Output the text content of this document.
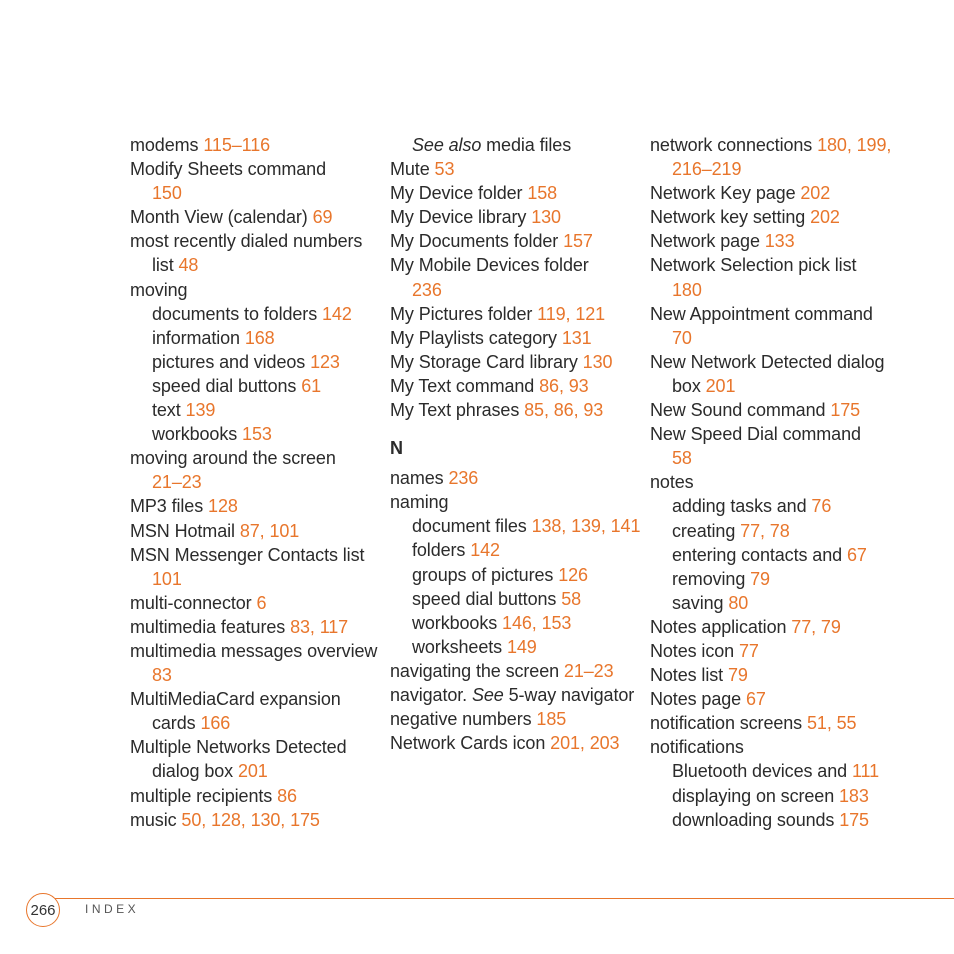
modems 115–116
Modify Sheets command
150
Month View (calendar) 69
most recently dialed numbers list 48
moving
documents to folders 142
information 168
pictures and videos 123
speed dial buttons 61
text 139
workbooks 153
moving around the screen
21–23
MP3 files 128
MSN Hotmail 87, 101
MSN Messenger Contacts list 101
multi-connector 6
multimedia features 83, 117
multimedia messages overview 83
MultiMediaCard expansion cards 166
Multiple Networks Detected dialog box 201
multiple recipients 86
music 50, 128, 130, 175
See also media files
Mute 53
My Device folder 158
My Device library 130
My Documents folder 157
My Mobile Devices folder
236
My Pictures folder 119, 121
My Playlists category 131
My Storage Card library 130
My Text command 86, 93
My Text phrases 85, 86, 93
N
names 236
naming
document files 138, 139, 141
folders 142
groups of pictures 126
speed dial buttons 58
workbooks 146, 153
worksheets 149
navigating the screen 21–23
navigator. See 5-way navigator
negative numbers 185
Network Cards icon 201, 203
network connections 180, 199, 216–219
Network Key page 202
Network key setting 202
Network page 133
Network Selection pick list
180
New Appointment command
70
New Network Detected dialog box 201
New Sound command 175
New Speed Dial command
58
notes
adding tasks and 76
creating 77, 78
entering contacts and 67
removing 79
saving 80
Notes application 77, 79
Notes icon 77
Notes list 79
Notes page 67
notification screens 51, 55
notifications
Bluetooth devices and 111
displaying on screen 183
downloading sounds 175
266 INDEX
